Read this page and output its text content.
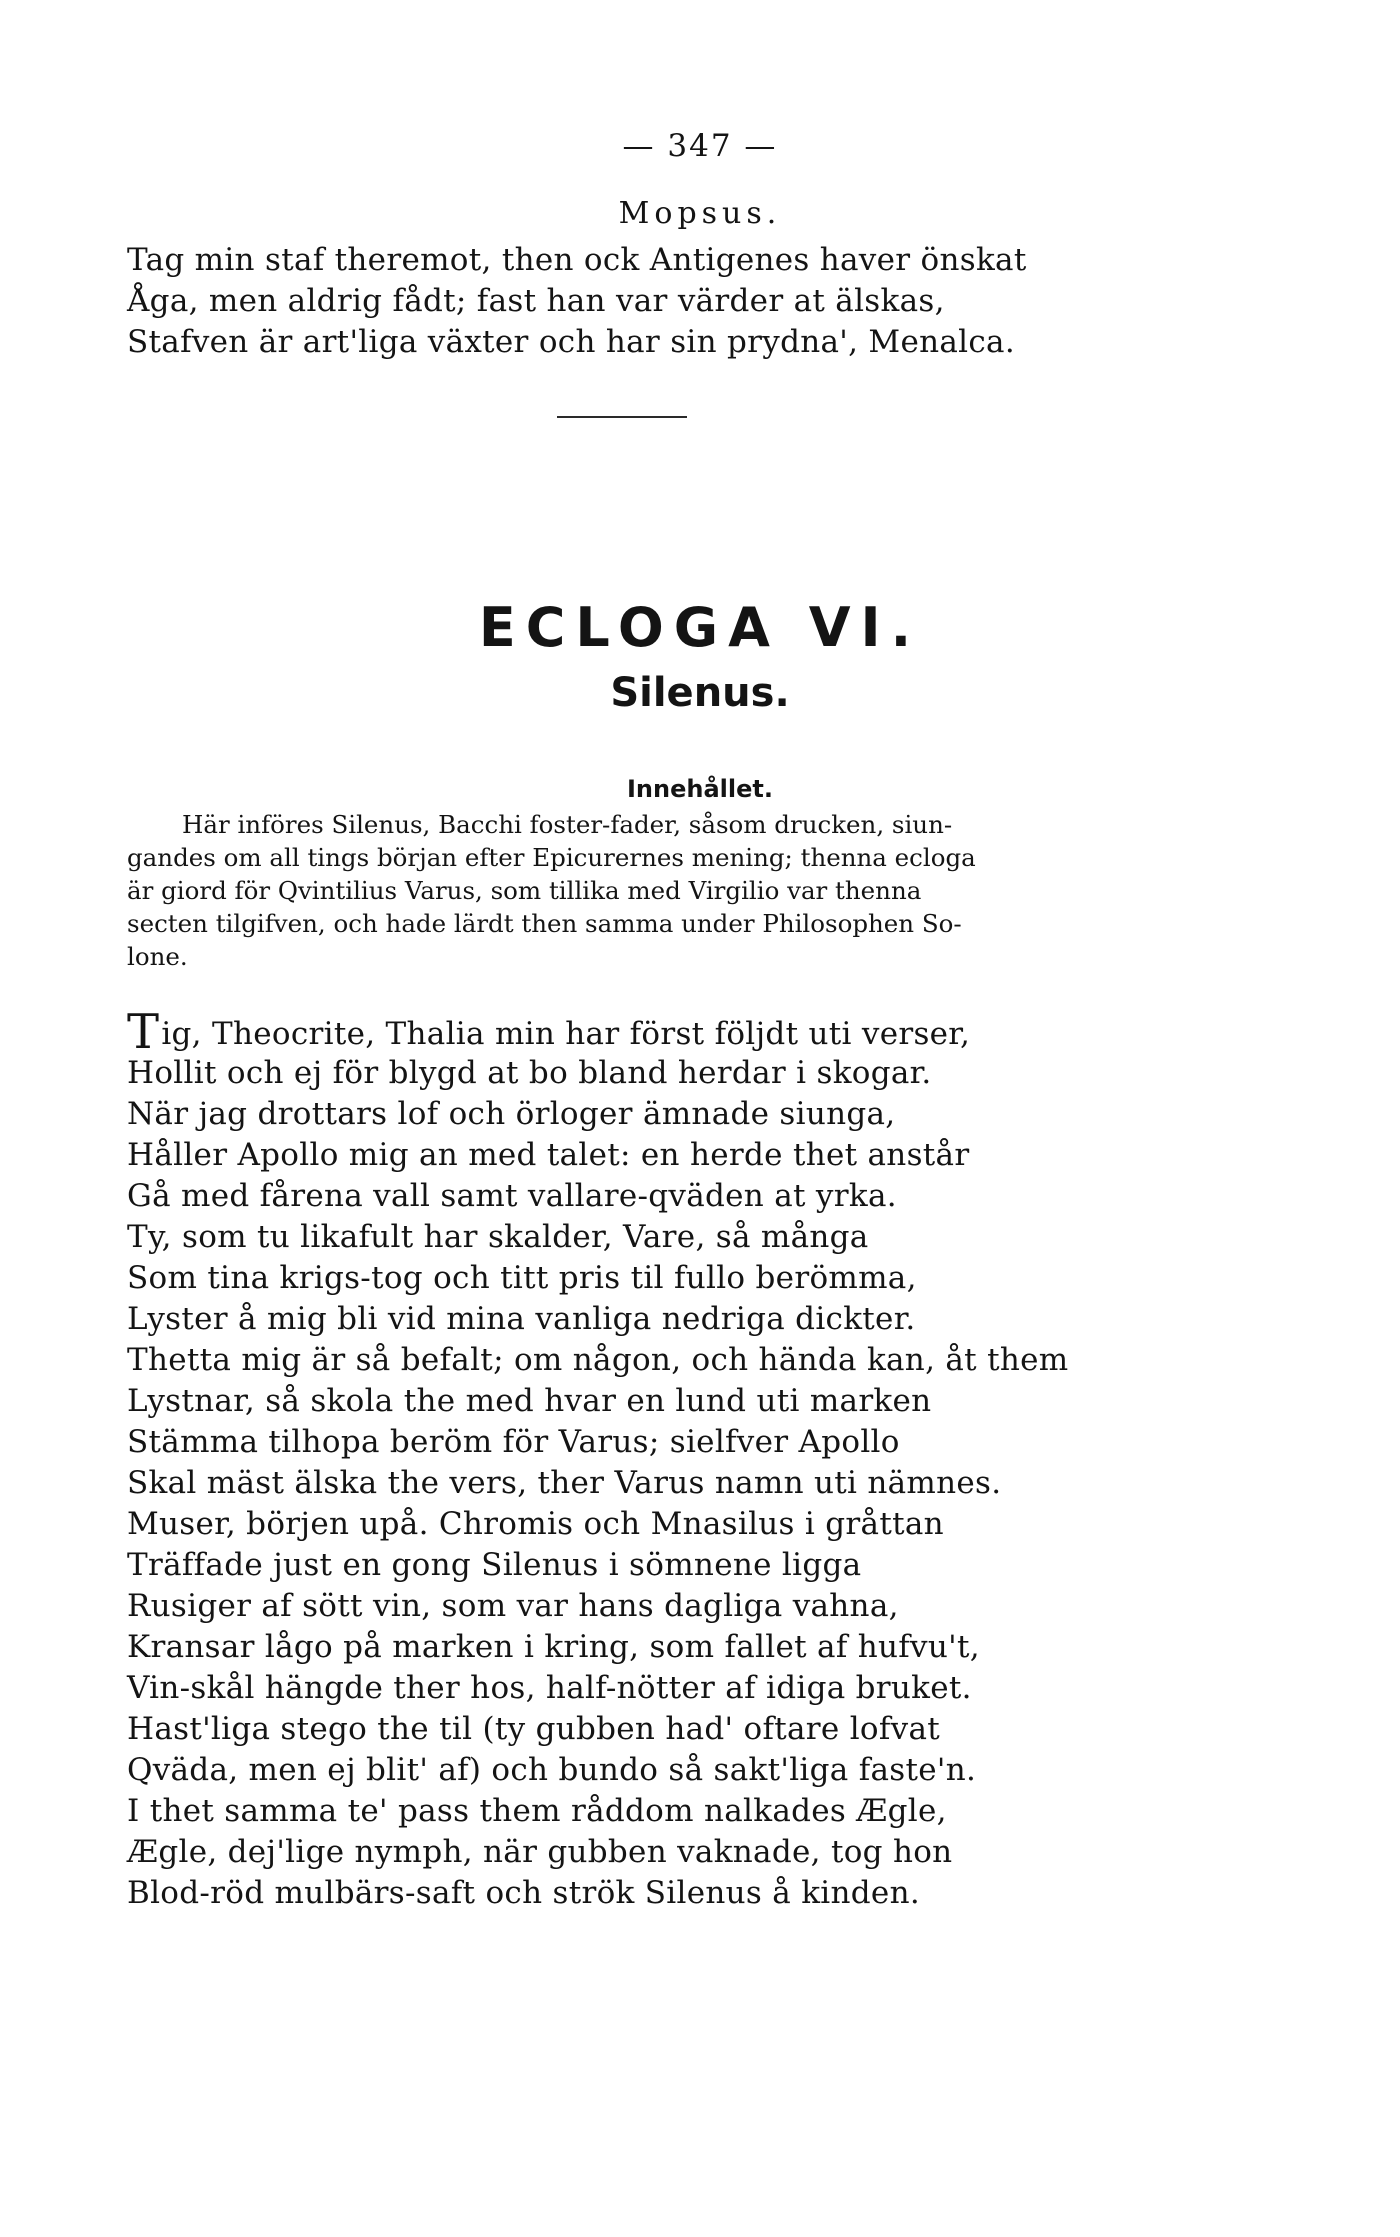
— 347 —
Mopsus.
Tag min staf theremot, then ock Antigenes haver önskat
Åga, men aldrig fådt; fast han var värder at älskas,
Stafven är art'liga växter och har sin prydna', Menalca.
ECLOGA VI.
Silenus.
Innehållet.
Här införes Silenus, Bacchi foster-fader, såsom drucken, siun-
gandes om all tings början efter Epicurernes mening; thenna ecloga
är giord för Qvintilius Varus, som tillika med Virgilio var thenna
secten tilgifven, och hade lärdt then samma under Philosophen So-
lone.
Tig, Theocrite, Thalia min har först följdt uti verser,
Hollit och ej för blygd at bo bland herdar i skogar.
När jag drottars lof och örloger ämnade siunga,
Håller Apollo mig an med talet: en herde thet anstår
Gå med fårena vall samt vallare-qväden at yrka.
Ty, som tu likafult har skalder, Vare, så många
Som tina krigs-tog och titt pris til fullo berömma,
Lyster å mig bli vid mina vanliga nedriga dickter.
Thetta mig är så befalt; om någon, och hända kan, åt them
Lystnar, så skola the med hvar en lund uti marken
Stämma tilhopa beröm för Varus; sielfver Apollo
Skal mäst älska the vers, ther Varus namn uti nämnes.
Muser, börjen upå. Chromis och Mnasilus i gråttan
Träffade just en gong Silenus i sömnene ligga
Rusiger af sött vin, som var hans dagliga vahna,
Kransar lågo på marken i kring, som fallet af hufvu't,
Vin-skål hängde ther hos, half-nötter af idiga bruket.
Hast'liga stego the til (ty gubben had' oftare lofvat
Qväda, men ej blit' af) och bundo så sakt'liga faste'n.
I thet samma te' pass them råddom nalkades Ægle,
Ægle, dej'lige nymph, när gubben vaknade, tog hon
Blod-röd mulbärs-saft och strök Silenus å kinden.
